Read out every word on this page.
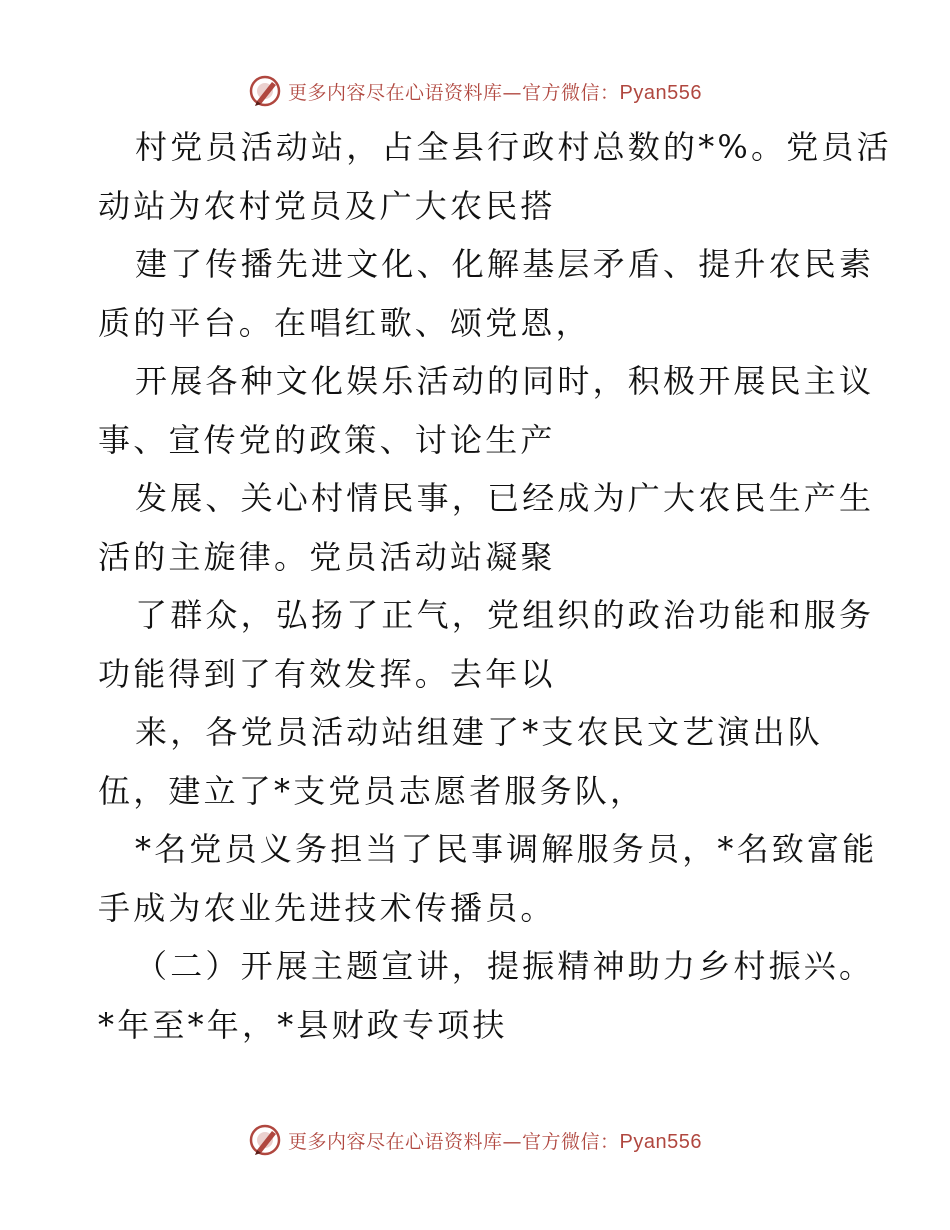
更多内容尽在心语资料库—官方微信：Pyan556
村党员活动站，占全县行政村总数的*%。党员活
动站为农村党员及广大农民搭
建了传播先进文化、化解基层矛盾、提升农民素
质的平台。在唱红歌、颂党恩，
开展各种文化娱乐活动的同时，积极开展民主议
事、宣传党的政策、讨论生产
发展、关心村情民事，已经成为广大农民生产生
活的主旋律。党员活动站凝聚
了群众，弘扬了正气，党组织的政治功能和服务
功能得到了有效发挥。去年以
来，各党员活动站组建了*支农民文艺演出队
伍，建立了*支党员志愿者服务队，
*名党员义务担当了民事调解服务员，*名致富能
手成为农业先进技术传播员。
（二）开展主题宣讲，提振精神助力乡村振兴。
*年至*年，*县财政专项扶
更多内容尽在心语资料库—官方微信：Pyan556
